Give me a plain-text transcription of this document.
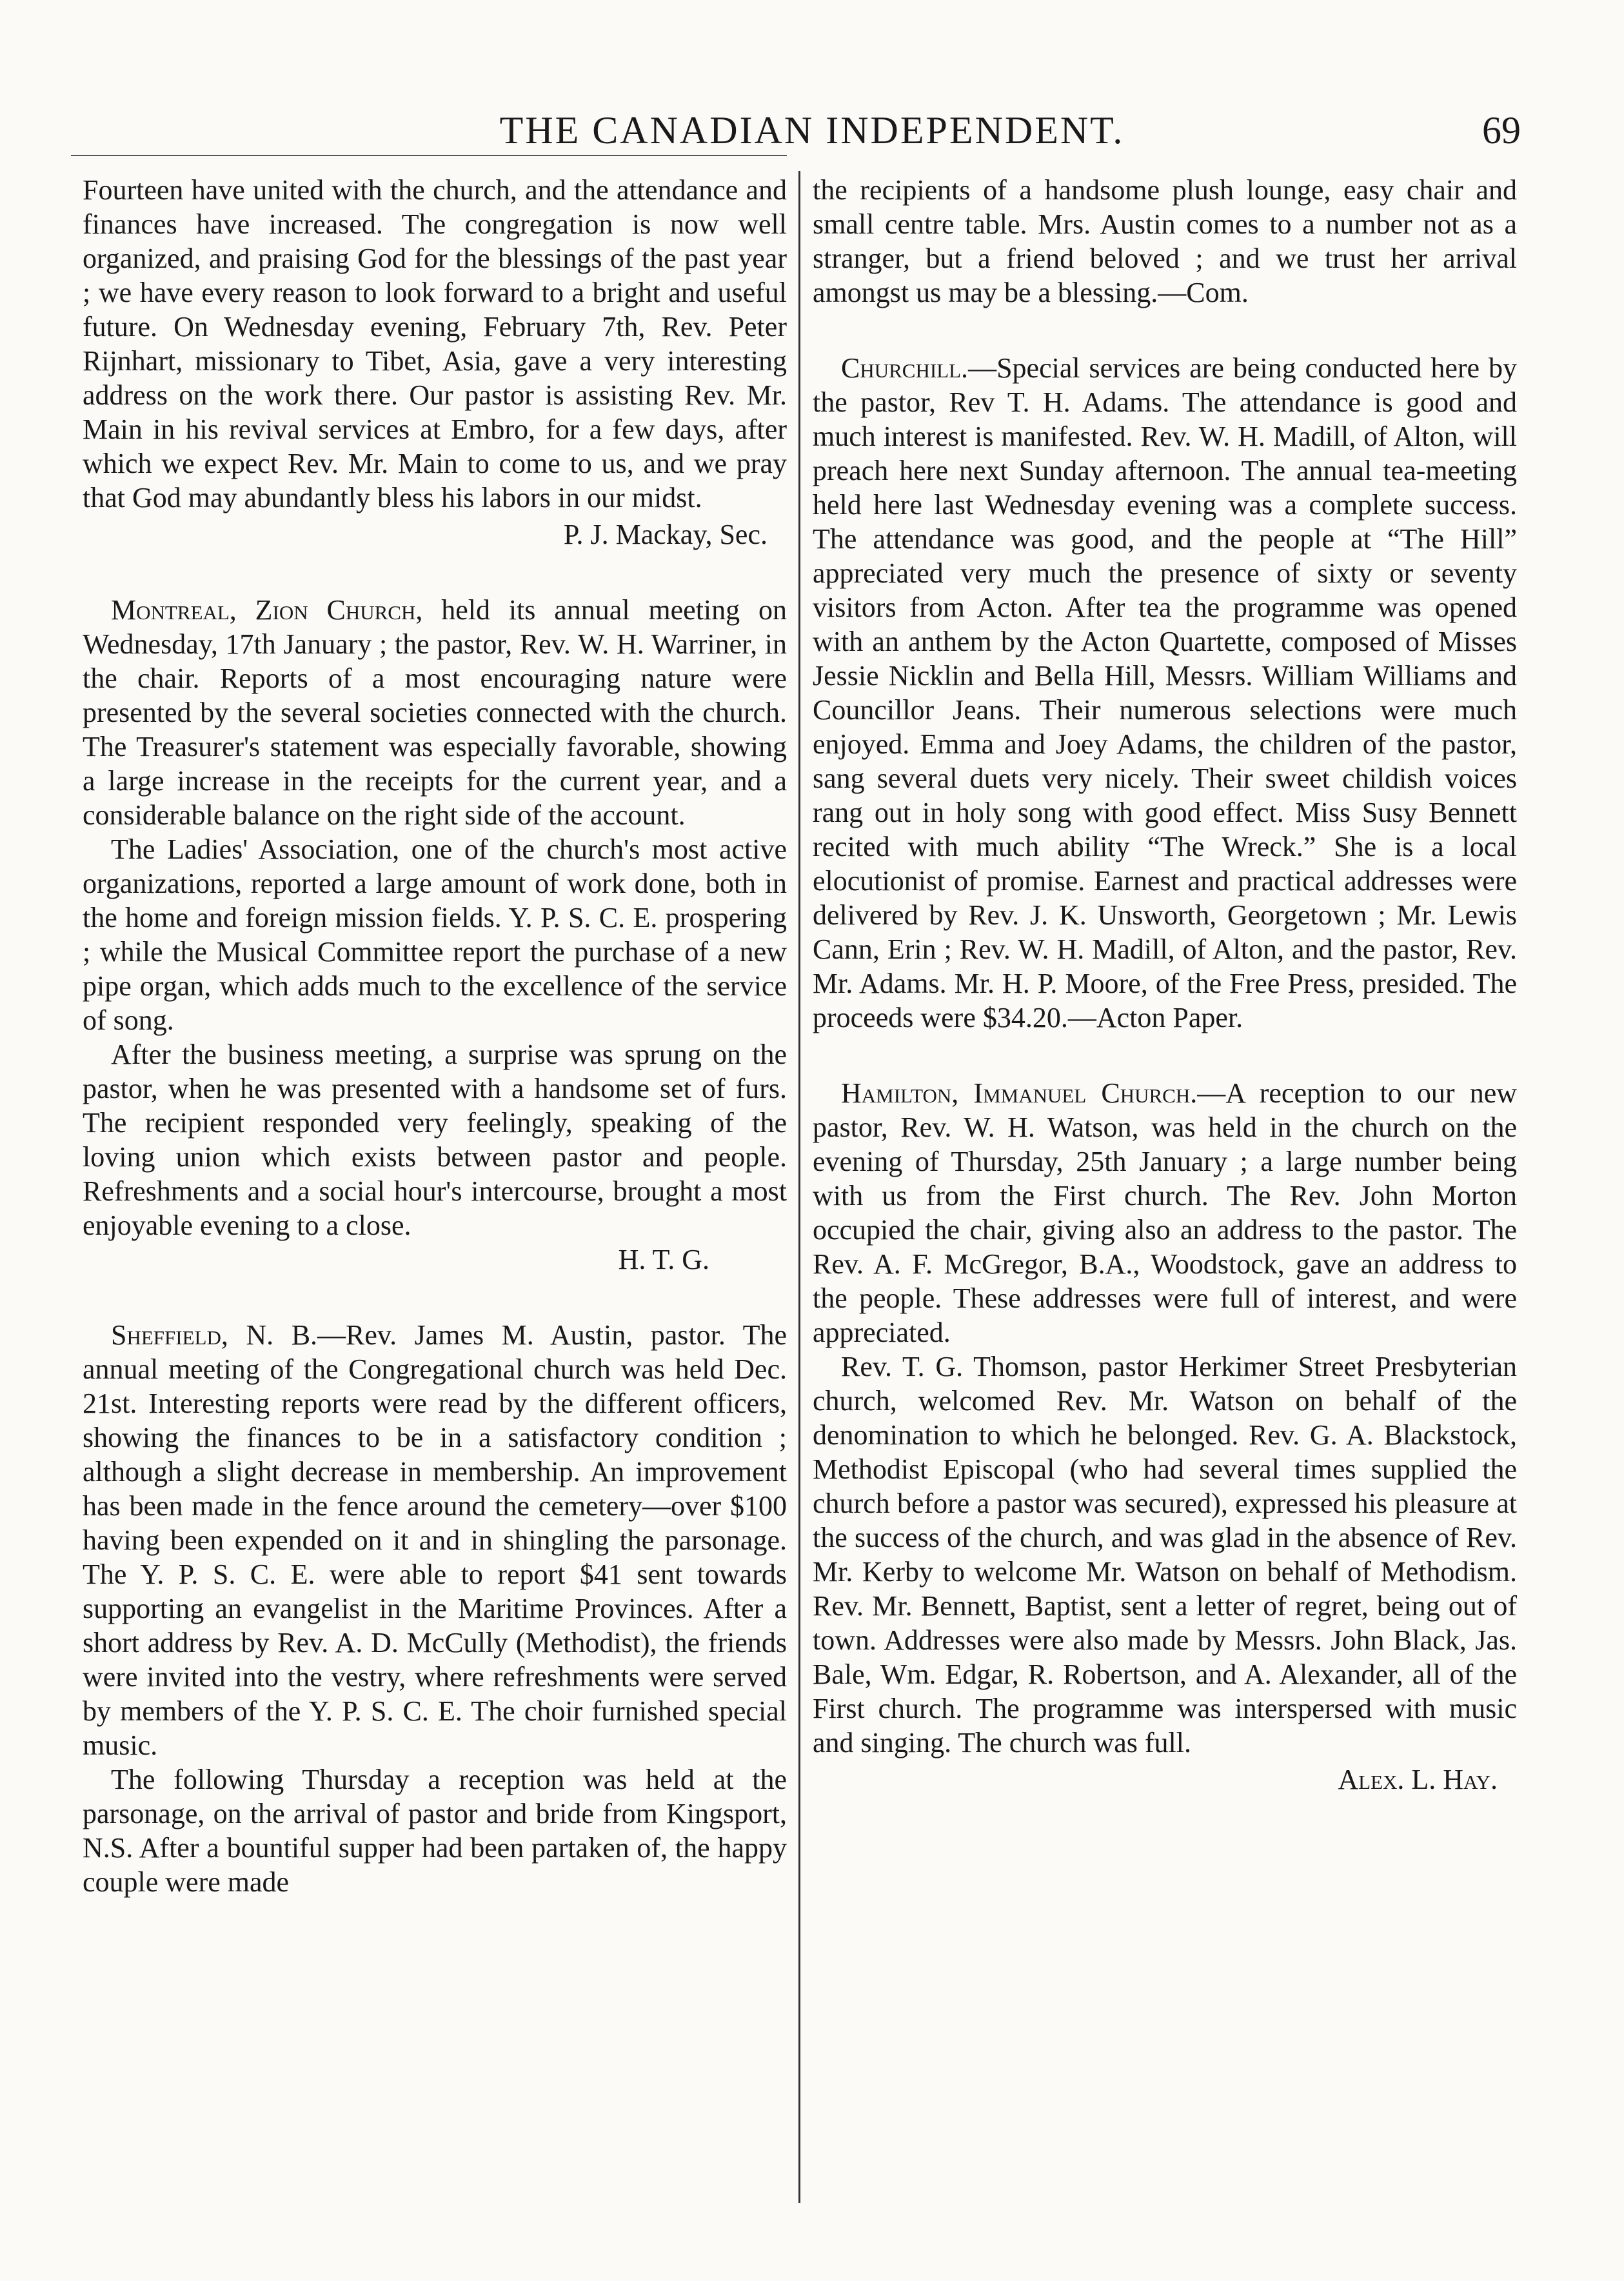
THE CANADIAN INDEPENDENT.	69

Fourteen have united with the church, and the attendance and finances have increased. The congregation is now well organized, and praising God for the blessings of the past year ; we have every reason to look forward to a bright and useful future. On Wednesday evening, February 7th, Rev. Peter Rijnhart, missionary to Tibet, Asia, gave a very interesting address on the work there. Our pastor is assisting Rev. Mr. Main in his revival services at Embro, for a few days, after which we expect Rev. Mr. Main to come to us, and we pray that God may abundantly bless his labors in our midst.

P. J. Mackay, Sec.

Montreal, Zion Church, held its annual meeting on Wednesday, 17th January ; the pastor, Rev. W. H. Warriner, in the chair. Reports of a most encouraging nature were presented by the several societies connected with the church. The Treasurer's statement was especially favorable, showing a large increase in the receipts for the current year, and a considerable balance on the right side of the account.

The Ladies' Association, one of the church's most active organizations, reported a large amount of work done, both in the home and foreign mission fields. Y. P. S. C. E. prospering ; while the Musical Committee report the purchase of a new pipe organ, which adds much to the excellence of the service of song.

After the business meeting, a surprise was sprung on the pastor, when he was presented with a handsome set of furs. The recipient responded very feelingly, speaking of the loving union which exists between pastor and people. Refreshments and a social hour's intercourse, brought a most enjoyable evening to a close.

H. T. G.

Sheffield, N. B.—Rev. James M. Austin, pastor. The annual meeting of the Congregational church was held Dec. 21st. Interesting reports were read by the different officers, showing the finances to be in a satisfactory condition ; although a slight decrease in membership. An improvement has been made in the fence around the cemetery—over $100 having been expended on it and in shingling the parsonage. The Y. P. S. C. E. were able to report $41 sent towards supporting an evangelist in the Maritime Provinces. After a short address by Rev. A. D. McCully (Methodist), the friends were invited into the vestry, where refreshments were served by members of the Y. P. S. C. E. The choir furnished special music.

The following Thursday a reception was held at the parsonage, on the arrival of pastor and bride from Kingsport, N.S. After a bountiful supper had been partaken of, the happy couple were made

the recipients of a handsome plush lounge, easy chair and small centre table. Mrs. Austin comes to a number not as a stranger, but a friend beloved ; and we trust her arrival amongst us may be a blessing.—Com.

Churchill.—Special services are being conducted here by the pastor, Rev T. H. Adams. The attendance is good and much interest is manifested. Rev. W. H. Madill, of Alton, will preach here next Sunday afternoon. The annual tea-meeting held here last Wednesday evening was a complete success. The attendance was good, and the people at “The Hill” appreciated very much the presence of sixty or seventy visitors from Acton. After tea the programme was opened with an anthem by the Acton Quartette, composed of Misses Jessie Nicklin and Bella Hill, Messrs. William Williams and Councillor Jeans. Their numerous selections were much enjoyed. Emma and Joey Adams, the children of the pastor, sang several duets very nicely. Their sweet childish voices rang out in holy song with good effect. Miss Susy Bennett recited with much ability “The Wreck.” She is a local elocutionist of promise. Earnest and practical addresses were delivered by Rev. J. K. Unsworth, Georgetown ; Mr. Lewis Cann, Erin ; Rev. W. H. Madill, of Alton, and the pastor, Rev. Mr. Adams. Mr. H. P. Moore, of the Free Press, presided. The proceeds were $34.20.—Acton Paper.

Hamilton, Immanuel Church.—A reception to our new pastor, Rev. W. H. Watson, was held in the church on the evening of Thursday, 25th January ; a large number being with us from the First church. The Rev. John Morton occupied the chair, giving also an address to the pastor. The Rev. A. F. McGregor, B.A., Woodstock, gave an address to the people. These addresses were full of interest, and were appreciated.

Rev. T. G. Thomson, pastor Herkimer Street Presbyterian church, welcomed Rev. Mr. Watson on behalf of the denomination to which he belonged. Rev. G. A. Blackstock, Methodist Episcopal (who had several times supplied the church before a pastor was secured), expressed his pleasure at the success of the church, and was glad in the absence of Rev. Mr. Kerby to welcome Mr. Watson on behalf of Methodism. Rev. Mr. Bennett, Baptist, sent a letter of regret, being out of town. Addresses were also made by Messrs. John Black, Jas. Bale, Wm. Edgar, R. Robertson, and A. Alexander, all of the First church. The programme was interspersed with music and singing. The church was full.

Alex. L. Hay.
